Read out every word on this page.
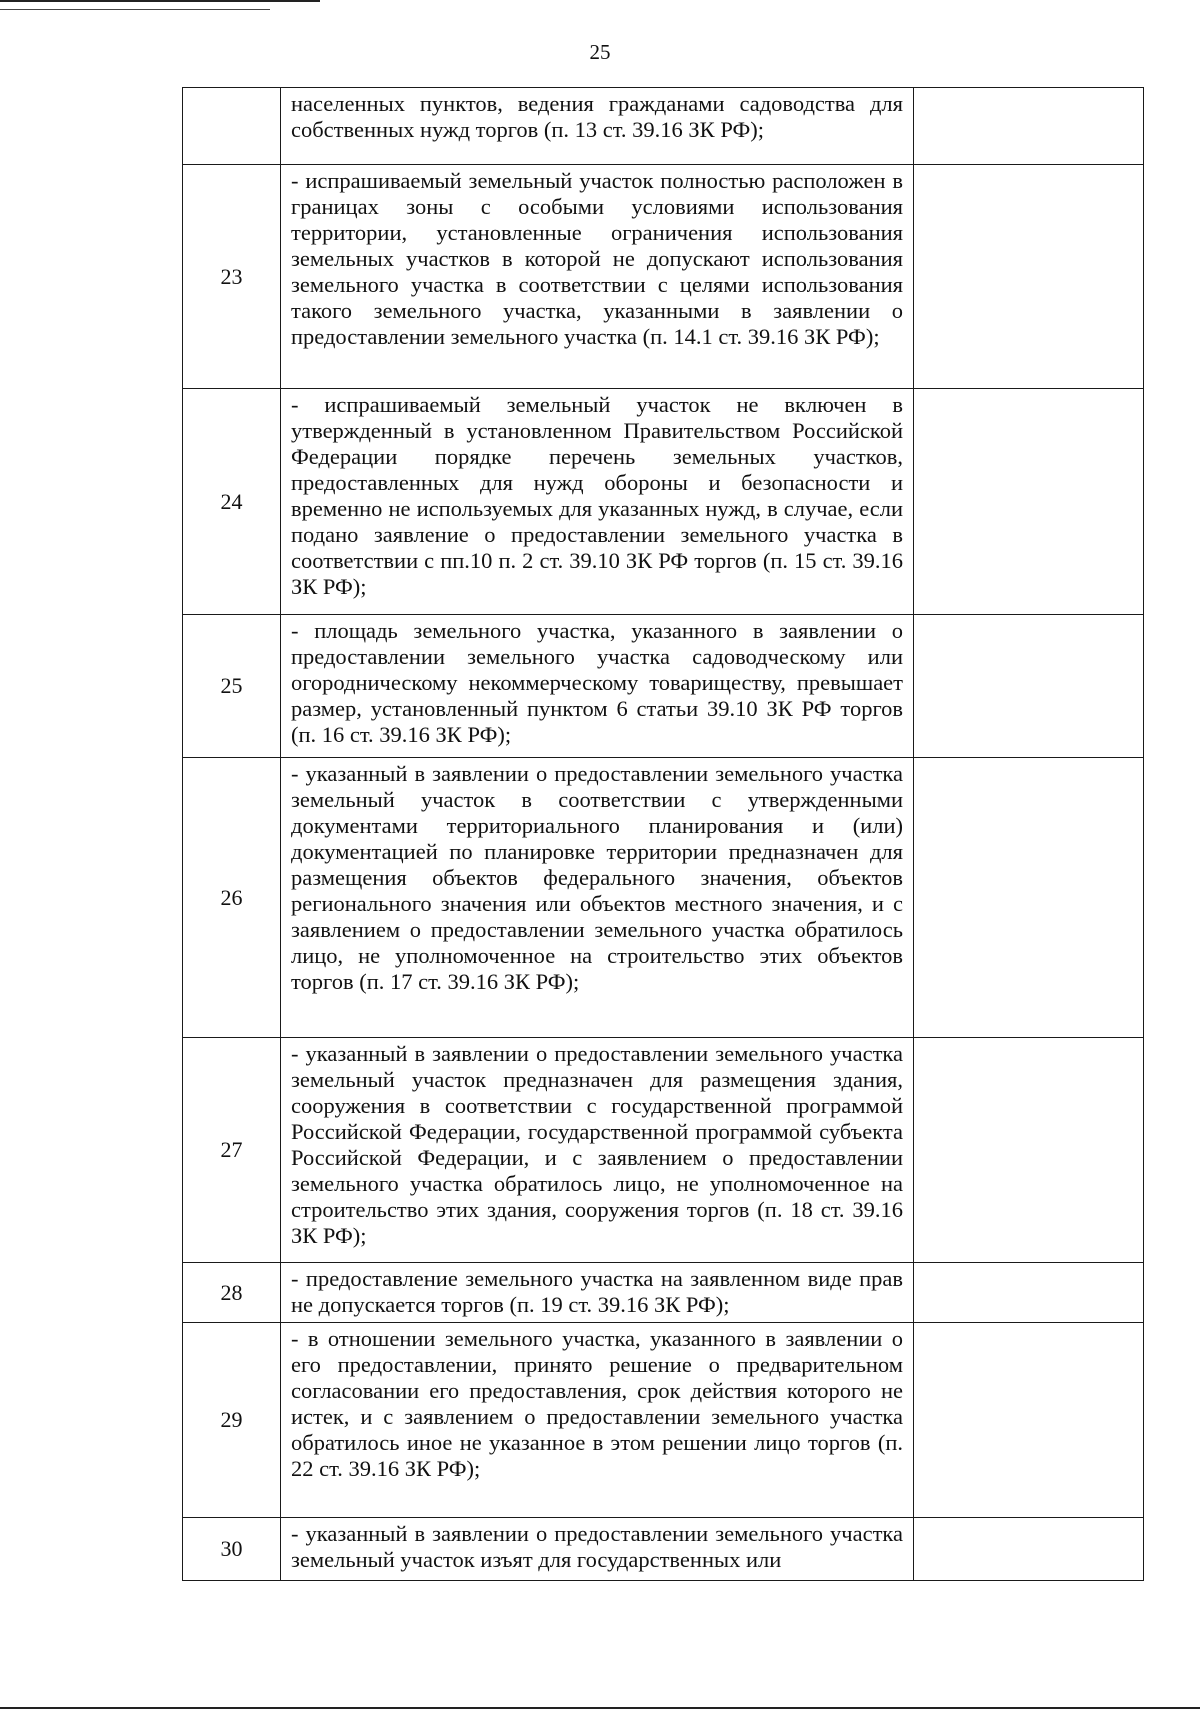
25
	населенных пунктов, ведения гражданами садоводства для собственных нужд торгов (п. 13 ст. 39.16 ЗК РФ);	
23	- испрашиваемый земельный участок полностью расположен в границах зоны с особыми условиями использования территории, установленные ограничения использования земельных участков в которой не допускают использования земельного участка в соответствии с целями использования такого земельного участка, указанными в заявлении о предоставлении земельного участка (п. 14.1 ст. 39.16 ЗК РФ);	
24	- испрашиваемый земельный участок не включен в утвержденный в установленном Правительством Российской Федерации порядке перечень земельных участков, предоставленных для нужд обороны и безопасности и временно не используемых для указанных нужд, в случае, если подано заявление о предоставлении земельного участка в соответствии с пп.10 п. 2 ст. 39.10 ЗК РФ торгов (п. 15 ст. 39.16 ЗК РФ);	
25	- площадь земельного участка, указанного в заявлении о предоставлении земельного участка садоводческому или огородническому некоммерческому товариществу, превышает размер, установленный пунктом 6 статьи 39.10 ЗК РФ торгов (п. 16 ст. 39.16 ЗК РФ);	
26	- указанный в заявлении о предоставлении земельного участка земельный участок в соответствии с утвержденными документами территориального планирования и (или) документацией по планировке территории предназначен для размещения объектов федерального значения, объектов регионального значения или объектов местного значения, и с заявлением о предоставлении земельного участка обратилось лицо, не уполномоченное на строительство этих объектов торгов (п. 17 ст. 39.16 ЗК РФ);	
27	- указанный в заявлении о предоставлении земельного участка земельный участок предназначен для размещения здания, сооружения в соответствии с государственной программой Российской Федерации, государственной программой субъекта Российской Федерации, и с заявлением о предоставлении земельного участка обратилось лицо, не уполномоченное на строительство этих здания, сооружения торгов (п. 18 ст. 39.16 ЗК РФ);	
28	- предоставление земельного участка на заявленном виде прав не допускается торгов (п. 19 ст. 39.16 ЗК РФ);	
29	- в отношении земельного участка, указанного в заявлении о его предоставлении, принято решение о предварительном согласовании его предоставления, срок действия которого не истек, и с заявлением о предоставлении земельного участка обратилось иное не указанное в этом решении лицо торгов (п. 22 ст. 39.16 ЗК РФ);	
30	- указанный в заявлении о предоставлении земельного участка земельный участок изъят для государственных или	
